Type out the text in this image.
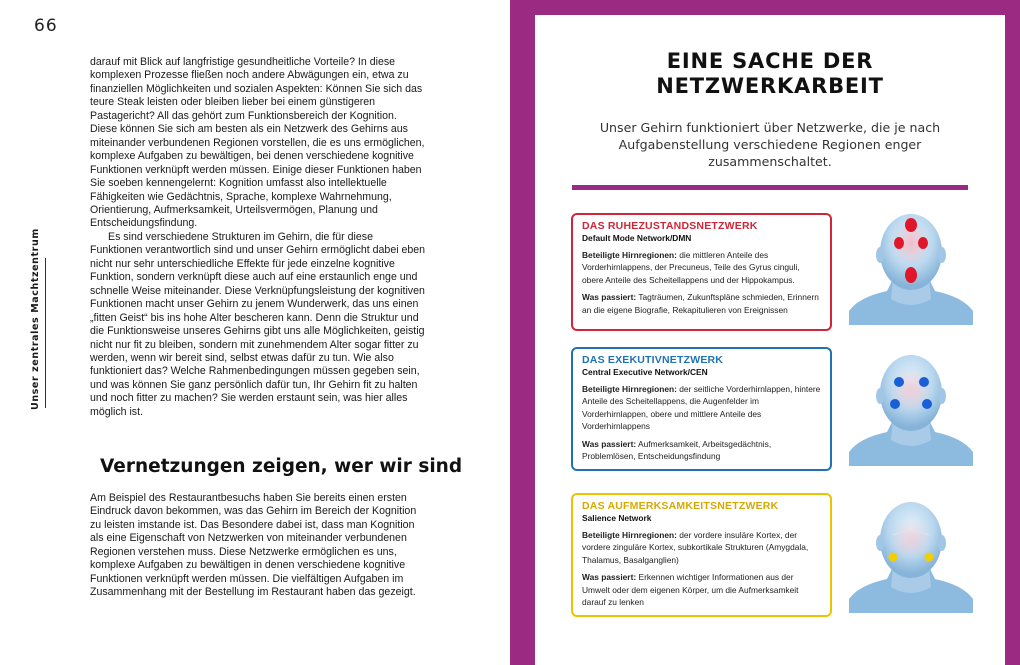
66
Unser zentrales Machtzentrum

darauf mit Blick auf langfristige gesundheitliche Vorteile? In diese komplexen Prozesse fließen noch andere Abwägungen ein, etwa zu finanziellen Möglichkeiten und sozialen Aspekten: Können Sie sich das teure Steak leisten oder bleiben lieber bei einem günstigeren Pastagericht? All das gehört zum Funktionsbereich der Kognition. Diese können Sie sich am besten als ein Netzwerk des Gehirns aus miteinander verbundenen Regionen vorstellen, die es uns ermöglichen, komplexe Aufgaben zu bewältigen, bei denen verschiedene kognitive Funktionen verknüpft werden müssen. Einige dieser Funktionen haben Sie soeben kennengelernt: Kognition umfasst also intellektuelle Fähigkeiten wie Gedächtnis, Sprache, komplexe Wahrnehmung, Orientierung, Aufmerksamkeit, Urteilsvermögen, Planung und Entscheidungsfindung.

Es sind verschiedene Strukturen im Gehirn, die für diese Funktionen verantwortlich sind und unser Gehirn ermöglicht dabei eben nicht nur sehr unterschiedliche Effekte für jede einzelne kognitive Funktion, sondern verknüpft diese auch auf eine erstaunlich enge und schnelle Weise miteinander. Diese Verknüpfungsleistung der kognitiven Funktionen macht unser Gehirn zu jenem Wunderwerk, das uns einen „fitten Geist“ bis ins hohe Alter bescheren kann. Denn die Struktur und die Funktionsweise unseres Gehirns gibt uns alle Möglichkeiten, geistig nicht nur fit zu bleiben, sondern mit zunehmendem Alter sogar fitter zu werden, wenn wir bereit sind, selbst etwas dafür zu tun. Wie also funktioniert das? Welche Rahmenbedingungen müssen gegeben sein, und was können Sie ganz persönlich dafür tun, Ihr Gehirn fit zu halten und noch fitter zu machen? Sie werden erstaunt sein, was hier alles möglich ist.

Vernetzungen zeigen, wer wir sind

Am Beispiel des Restaurantbesuchs haben Sie bereits einen ersten Eindruck davon bekommen, was das Gehirn im Bereich der Kognition zu leisten imstande ist. Das Besondere dabei ist, dass man Kognition als eine Eigenschaft von Netzwerken von miteinander verbundenen Regionen verstehen muss. Diese Netzwerke ermöglichen es uns, komplexe Aufgaben zu bewältigen in denen verschiedene kognitive Funktionen verknüpft werden müssen. Die vielfältigen Aufgaben im Zusammenhang mit der Bestellung im Restaurant haben das gezeigt.

EINE SACHE DER
NETZWERKARBEIT
Unser Gehirn funktioniert über Netzwerke, die je nach Aufgabenstellung verschiedene Regionen enger zusammenschaltet.
DAS RUHEZUSTANDSNETZWERK
Default Mode Network/DMN
Beteiligte Hirnregionen: die mittleren Anteile des Vorderhirnlappens, der Precuneus, Teile des Gyrus cinguli, obere Anteile des Scheitellappens und der Hippokampus.
Was passiert: Tagträumen, Zukunftspläne schmieden, Erinnern an die eigene Biografie, Rekapitulieren von Ereignissen
DAS EXEKUTIVNETZWERK
Central Executive Network/CEN
Beteiligte Hirnregionen: der seitliche Vorderhirnlappen, hintere Anteile des Scheitellappens, die Augenfelder im Vorderhirnlappen, obere und mittlere Anteile des Vorderhirnlappens
Was passiert: Aufmerksamkeit, Arbeitsgedächtnis, Problemlösen, Entscheidungsfindung
DAS AUFMERKSAMKEITSNETZWERK
Salience Network
Beteiligte Hirnregionen: der vordere insuläre Kortex, der vordere zinguläre Kortex, subkortikale Strukturen (Amygdala, Thalamus, Basalganglien)
Was passiert: Erkennen wichtiger Informationen aus der Umwelt oder dem eigenen Körper, um die Aufmerksamkeit darauf zu lenken
